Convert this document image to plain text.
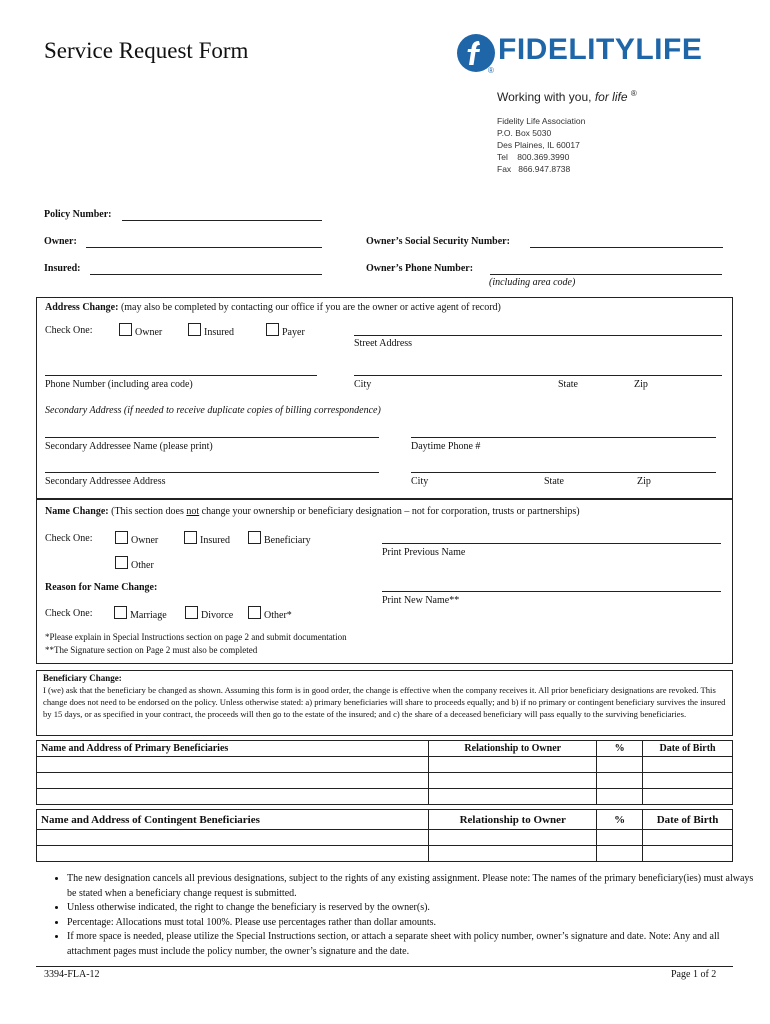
Service Request Form	FIDELITYLIFE
®
Working with you, for life ®
Fidelity Life Association
P.O. Box 5030
Des Plaines, IL 60017
Tel    800.369.3990
Fax   866.947.8738
Policy Number:
Owner:	Owner’s Social Security Number:
Insured:	Owner’s Phone Number:
(including area code)
Address Change: (may also be completed by contacting our office if you are the owner or active agent of record)
Check One:	Owner	Insured	Payer
Street Address
Phone Number (including area code)	City	State	Zip
Secondary Address (if needed to receive duplicate copies of billing correspondence)
Secondary Addressee Name (please print)	Daytime Phone #
Secondary Addressee Address	City	State	Zip
Name Change: (This section does not change your ownership or beneficiary designation – not for corporation, trusts or partnerships)
Check One:	Owner	Insured	Beneficiary
Other
Print Previous Name
Reason for Name Change:
Print New Name**
Check One:	Marriage	Divorce	Other*
*Please explain in Special Instructions section on page 2 and submit documentation
**The Signature section on Page 2 must also be completed
Beneficiary Change:
I (we) ask that the beneficiary be changed as shown. Assuming this form is in good order, the change is effective when the company receives it. All prior beneficiary designations are revoked. This change does not need to be endorsed on the policy. Unless otherwise stated: a) primary beneficiaries will share to proceeds equally; and b) if no primary or contingent beneficiary survives the insured by 15 days, or as specified in your contract, the proceeds will then go to the estate of the insured; and c) the share of a deceased beneficiary will pass equally to the surviving beneficiaries.
Name and Address of Primary Beneficiaries	Relationship to Owner	%	Date of Birth

Name and Address of Contingent Beneficiaries	Relationship to Owner	%	Date of Birth

• The new designation cancels all previous designations, subject to the rights of any existing assignment. Please note: The names of the primary beneficiary(ies) must always be stated when a beneficiary change request is submitted.
• Unless otherwise indicated, the right to change the beneficiary is reserved by the owner(s).
• Percentage: Allocations must total 100%. Please use percentages rather than dollar amounts.
• If more space is needed, please utilize the Special Instructions section, or attach a separate sheet with policy number, owner’s signature and date. Note: Any and all attachment pages must include the policy number, the owner’s signature and the date.
3394-FLA-12	Page 1 of 2
